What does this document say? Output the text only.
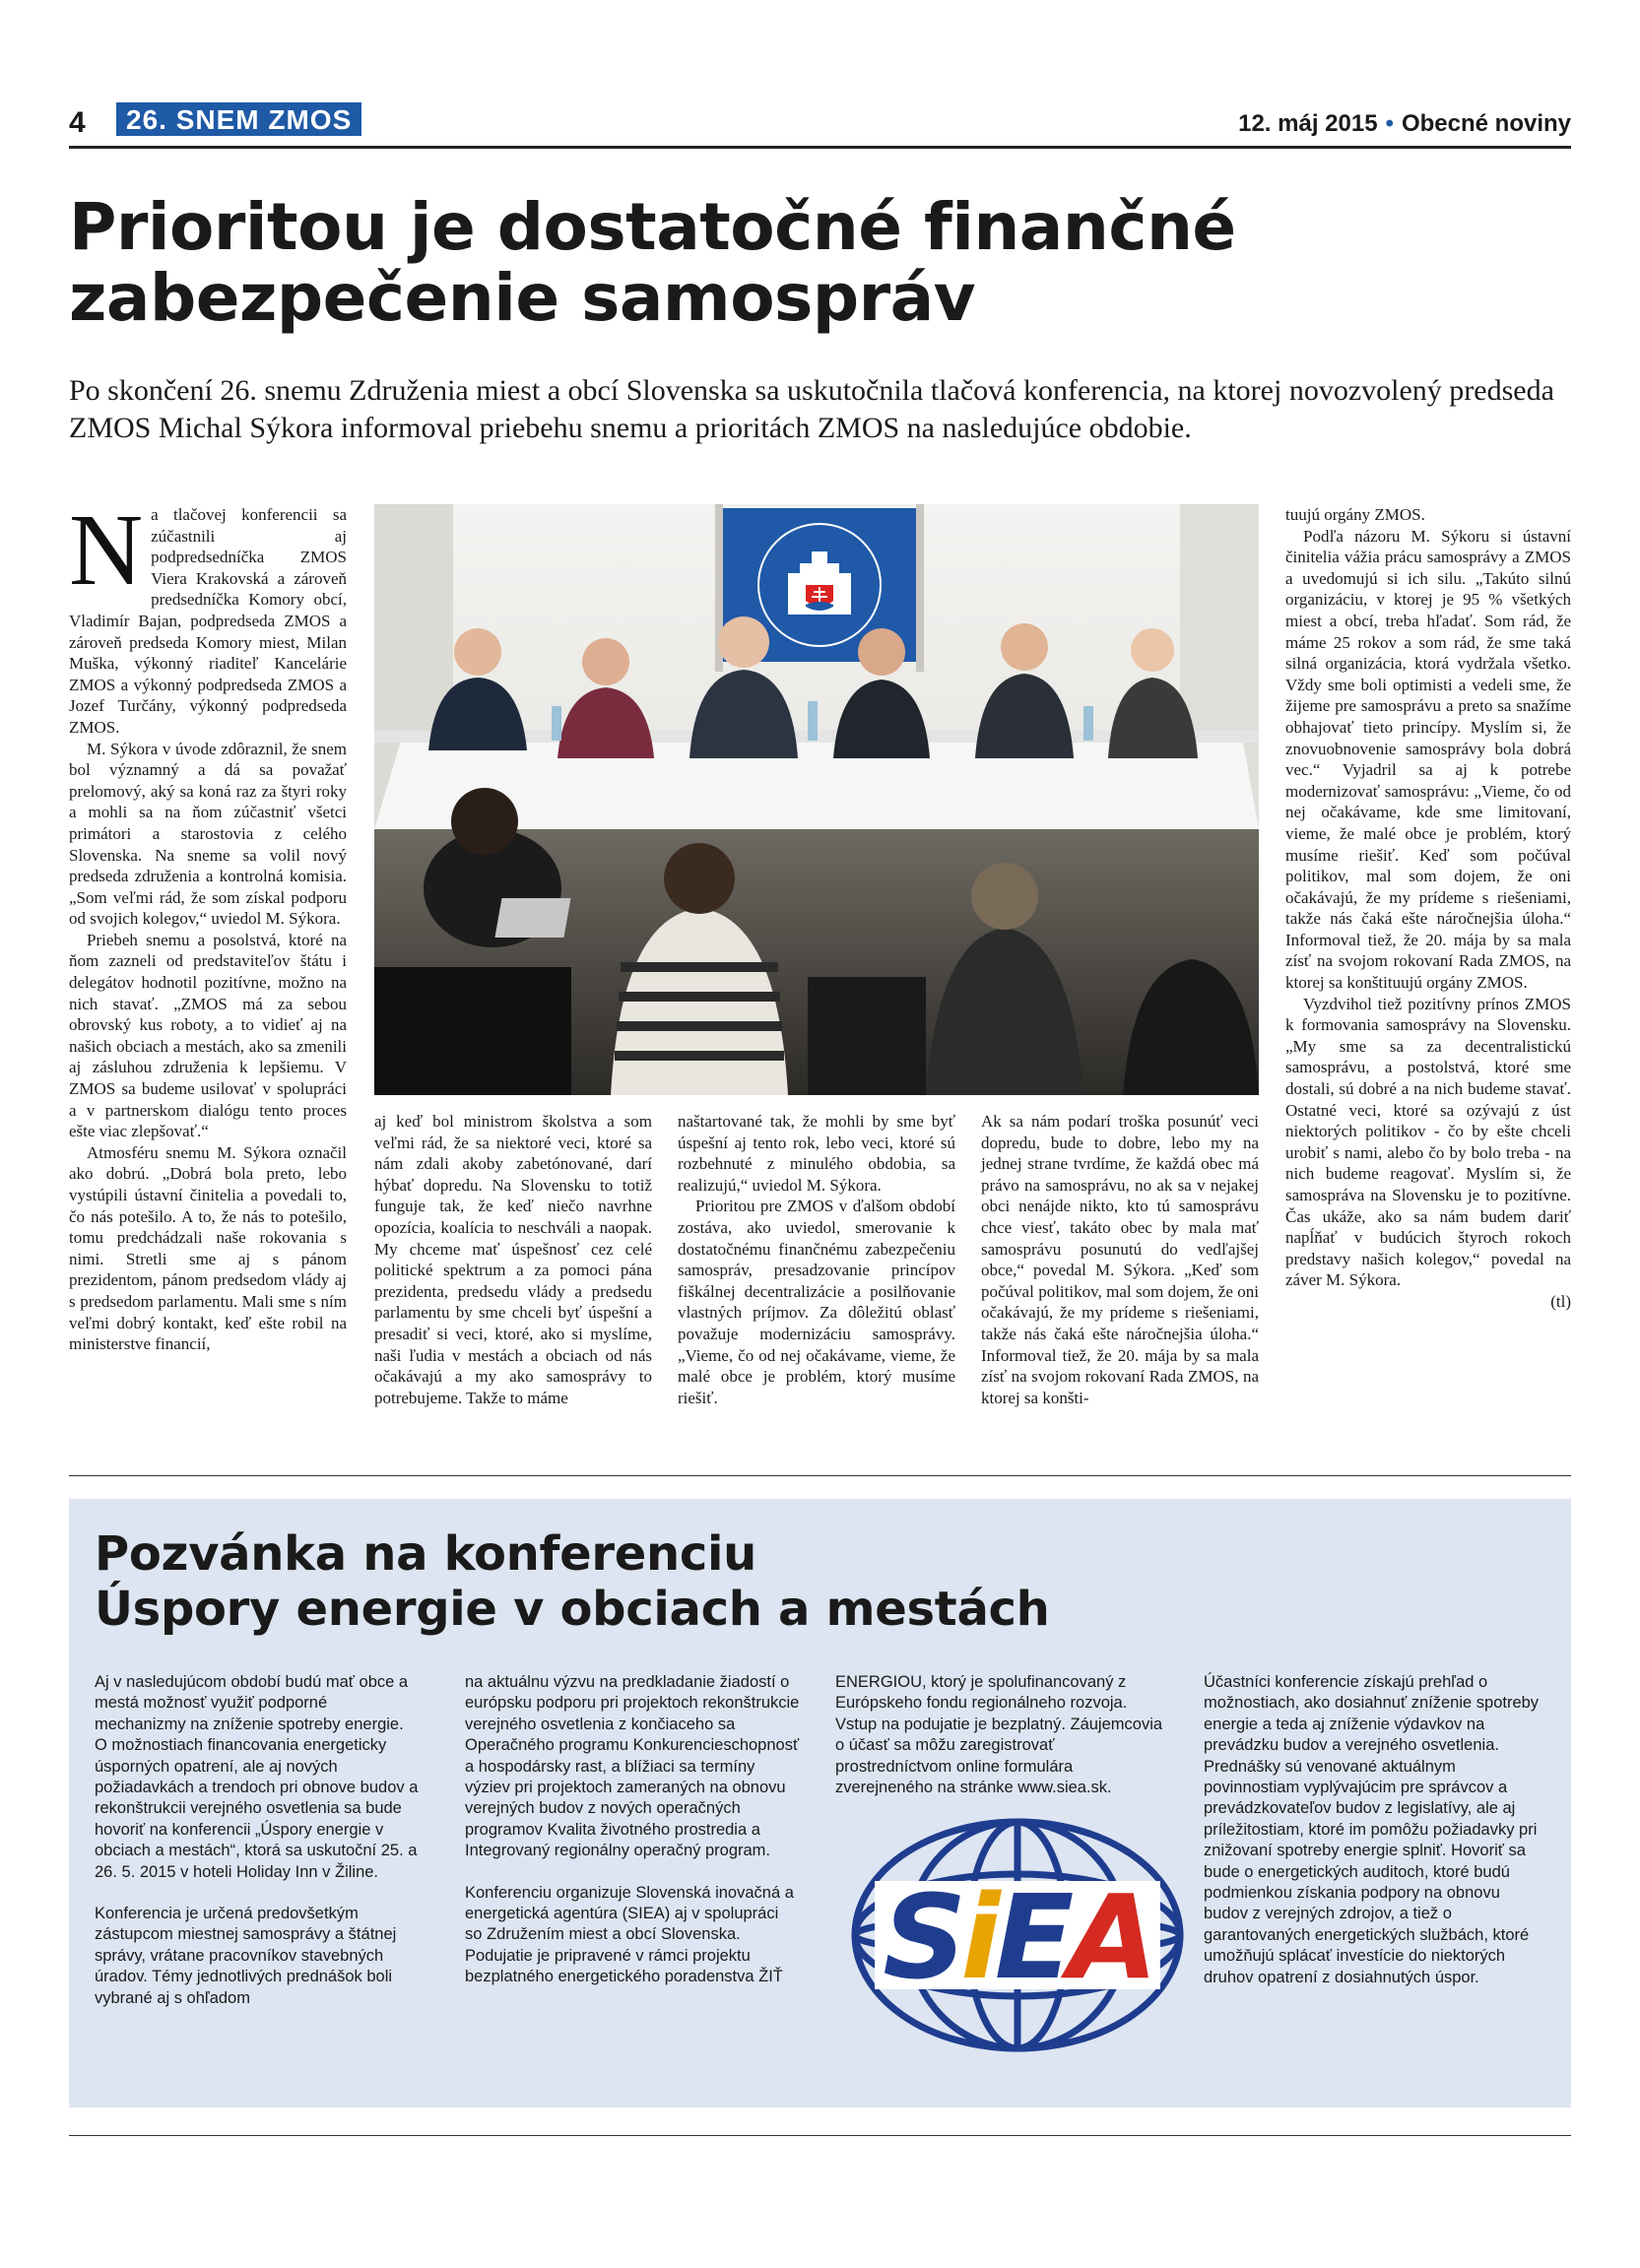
4	26. SNEM ZMOS	12. máj 2015 • Obecné noviny
Prioritou je dostatočné finančné zabezpečenie samospráv

Po skončení 26. snemu Združenia miest a obcí Slovenska sa uskutočnila tlačová konferencia, na ktorej novozvolený predseda ZMOS Michal Sýkora informoval priebehu snemu a prioritách ZMOS na nasledujúce obdobie.

Na tlačovej konferencii sa zúčastnili aj podpredsedníčka ZMOS Viera Krakovská a zároveň predsedníčka Komory obcí, Vladimír Bajan, podpredseda ZMOS a zároveň predseda Komory miest, Milan Muška, výkonný riaditeľ Kancelárie ZMOS a výkonný podpredseda ZMOS a Jozef Turčány, výkonný podpredseda ZMOS.

M. Sýkora v úvode zdôraznil, že snem bol významný a dá sa považať prelomový, aký sa koná raz za štyri roky a mohli sa na ňom zúčastniť všetci primátori a starostovia z celého Slovenska. Na sneme sa volil nový predseda združenia a kontrolná komisia. „Som veľmi rád, že som získal podporu od svojich kolegov,“ uviedol M. Sýkora.

Priebeh snemu a posolstvá, ktoré na ňom zazneli od predstaviteľov štátu i delegátov hodnotil pozitívne, možno na nich stavať. „ZMOS má za sebou obrovský kus roboty, a to vidieť aj na našich obciach a mestách, ako sa zmenili aj zásluhou združenia k lepšiemu. V ZMOS sa budeme usilovať v spolupráci a v partnerskom dialógu tento proces ešte viac zlepšovať.“

Atmosféru snemu M. Sýkora označil ako dobrú. „Dobrá bola preto, lebo vystúpili ústavní činitelia a povedali to, čo nás potešilo. A to, že nás to potešilo, tomu predchádzali naše rokovania s nimi. Stretli sme aj s pánom prezidentom, pánom predsedom vlády aj s predsedom parlamentu. Mali sme s ním veľmi dobrý kontakt, keď ešte robil na ministerstve financií,

aj keď bol ministrom školstva a som veľmi rád, že sa niektoré veci, ktoré sa nám zdali akoby zabetónované, darí hýbať dopredu. Na Slovensku to totiž funguje tak, že keď niečo navrhne opozícia, koalícia to neschváli a naopak. My chceme mať úspešnosť cez celé politické spektrum a za pomoci pána prezidenta, predsedu vlády a predsedu parlamentu by sme chceli byť úspešní a presadiť si veci, ktoré, ako si myslíme, naši ľudia v mestách a obciach od nás očakávajú a my ako samosprávy to potrebujeme. Takže to máme

naštartované tak, že mohli by sme byť úspešní aj tento rok, lebo veci, ktoré sú rozbehnuté z minulého obdobia, sa realizujú,“ uviedol M. Sýkora.

Prioritou pre ZMOS v ďalšom období zostáva, ako uviedol, smerovanie k dostatočnému finančnému zabezpečeniu samospráv, presadzovanie princípov fiškálnej decentralizácie a posilňovanie vlastných príjmov. Za dôležitú oblasť považuje modernizáciu samosprávy. „Vieme, čo od nej očakávame, vieme, že malé obce je problém, ktorý musíme riešiť.

Ak sa nám podarí troška posunúť veci dopredu, bude to dobre, lebo my na jednej strane tvrdíme, že každá obec má právo na samosprávu, no ak sa v nejakej obci nenájde nikto, kto tú samosprávu chce viesť, takáto obec by mala mať samosprávu posunutú do vedľajšej obce,“ povedal M. Sýkora. „Keď som počúval politikov, mal som dojem, že oni očakávajú, že my prídeme s riešeniami, takže nás čaká ešte náročnejšia úloha.“ Informoval tiež, že 20. mája by sa mala zísť na svojom rokovaní Rada ZMOS, na ktorej sa konšti-

tuujú orgány ZMOS.

Podľa názoru M. Sýkoru si ústavní činitelia vážia prácu samosprávy a ZMOS a uvedomujú si ich silu. „Takúto silnú organizáciu, v ktorej je 95 % všetkých miest a obcí, treba hľadať. Som rád, že máme 25 rokov a som rád, že sme taká silná organizácia, ktorá vydržala všetko. Vždy sme boli optimisti a vedeli sme, že žijeme pre samosprávu a preto sa snažíme obhajovať tieto princípy. Myslím si, že znovuobnovenie samosprávy bola dobrá vec.“ Vyjadril sa aj k potrebe modernizovať samosprávu: „Vieme, čo od nej očakávame, kde sme limitovaní, vieme, že malé obce je problém, ktorý musíme riešiť. Keď som počúval politikov, mal som dojem, že oni očakávajú, že my prídeme s riešeniami, takže nás čaká ešte náročnejšia úloha.“ Informoval tiež, že 20. mája by sa mala zísť na svojom rokovaní Rada ZMOS, na ktorej sa konštituujú orgány ZMOS.

Vyzdvihol tiež pozitívny prínos ZMOS k formovania samosprávy na Slovensku. „My sme sa za decentralistickú samosprávu, a postolstvá, ktoré sme dostali, sú dobré a na nich budeme stavať. Ostatné veci, ktoré sa ozývajú z úst niektorých politikov - čo by ešte chceli urobiť s nami, alebo čo by bolo treba - na nich budeme reagovať. Myslím si, že samospráva na Slovensku je to pozitívne. Čas ukáže, ako sa nám budem dariť napĺňať v budúcich štyroch rokoch predstavy našich kolegov,“ povedal na záver M. Sýkora.

(tl)

Pozvánka na konferenciu
Úspory energie v obciach a mestách

Aj v nasledujúcom období budú mať obce a mestá možnosť využiť podporné mechanizmy na zníženie spotreby energie. O možnostiach financovania energeticky úsporných opatrení, ale aj nových požiadavkách a trendoch pri obnove budov a rekonštrukcii verejného osvetlenia sa bude hovoriť na konferencii „Úspory energie v obciach a mestách“, ktorá sa uskutoční 25. a 26. 5. 2015 v hoteli Holiday Inn v Žiline.

Konferencia je určená predovšetkým zástupcom miestnej samosprávy a štátnej správy, vrátane pracovníkov stavebných úradov. Témy jednotlivých prednášok boli vybrané aj s ohľadom

na aktuálnu výzvu na predkladanie žiadostí o európsku podporu pri projektoch rekonštrukcie verejného osvetlenia z končiaceho sa Operačného programu Konkurencieschopnosť a hospodársky rast, a blížiaci sa termíny výziev pri projektoch zameraných na obnovu verejných budov z nových operačných programov Kvalita životného prostredia a Integrovaný regionálny operačný program.

Konferenciu organizuje Slovenská inovačná a energetická agentúra (SIEA) aj v spolupráci so Združením miest a obcí Slovenska. Podujatie je pripravené v rámci projektu bezplatného energetického poradenstva ŽIŤ

ENERGIOU, ktorý je spolufinancovaný z Európskeho fondu regionálneho rozvoja. Vstup na podujatie je bezplatný. Záujemcovia o účasť sa môžu zaregistrovať prostredníctvom online formulára zverejneného na stránke www.siea.sk.

Účastníci konferencie získajú prehľad o možnostiach, ako dosiahnuť zníženie spotreby energie a teda aj zníženie výdavkov na prevádzku budov a verejného osvetlenia. Prednášky sú venované aktuálnym povinnostiam vyplývajúcim pre správcov a prevádzkovateľov budov z legislatívy, ale aj príležitostiam, ktoré im pomôžu požiadavky pri znižovaní spotreby energie splniť. Hovoriť sa bude o energetických auditoch, ktoré budú podmienkou získania podpory na obnovu budov z verejných zdrojov, a tiež o garantovaných energetických službách, ktoré umožňujú splácať investície do niektorých druhov opatrení z dosiahnutých úspor.

SiEA
